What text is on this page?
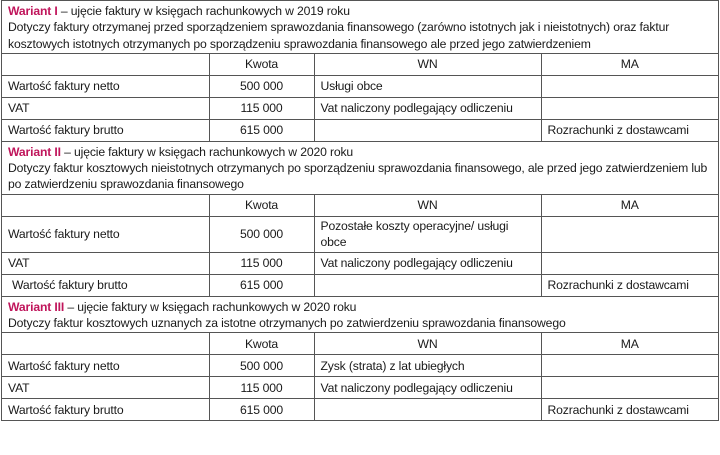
Wariant I – ujęcie faktury w księgach rachunkowych w 2019 roku
Dotyczy faktury otrzymanej przed sporządzeniem sprawozdania finansowego (zarówno istotnych jak i nieistotnych) oraz faktur kosztowych istotnych otrzymanych po sporządzeniu sprawozdania finansowego ale przed jego zatwierdzeniem
	Kwota	WN	MA
Wartość faktury netto	500 000	Usługi obce	
VAT	115 000	Vat naliczony podlegający odliczeniu	
Wartość faktury brutto	615 000		Rozrachunki z dostawcami
Wariant II – ujęcie faktury w księgach rachunkowych w 2020 roku
Dotyczy faktur kosztowych nieistotnych otrzymanych po sporządzeniu sprawozdania finansowego, ale przed jego zatwierdzeniem lub po zatwierdzeniu sprawozdania finansowego
	Kwota	WN	MA
Wartość faktury netto	500 000	Pozostałe koszty operacyjne/ usługi obce	
VAT	115 000	Vat naliczony podlegający odliczeniu	
Wartość faktury brutto	615 000		Rozrachunki z dostawcami
Wariant III – ujęcie faktury w księgach rachunkowych w 2020 roku
Dotyczy faktur kosztowych uznanych za istotne otrzymanych po zatwierdzeniu sprawozdania finansowego
	Kwota	WN	MA
Wartość faktury netto	500 000	Zysk (strata) z lat ubiegłych	
VAT	115 000	Vat naliczony podlegający odliczeniu	
Wartość faktury brutto	615 000		Rozrachunki z dostawcami
